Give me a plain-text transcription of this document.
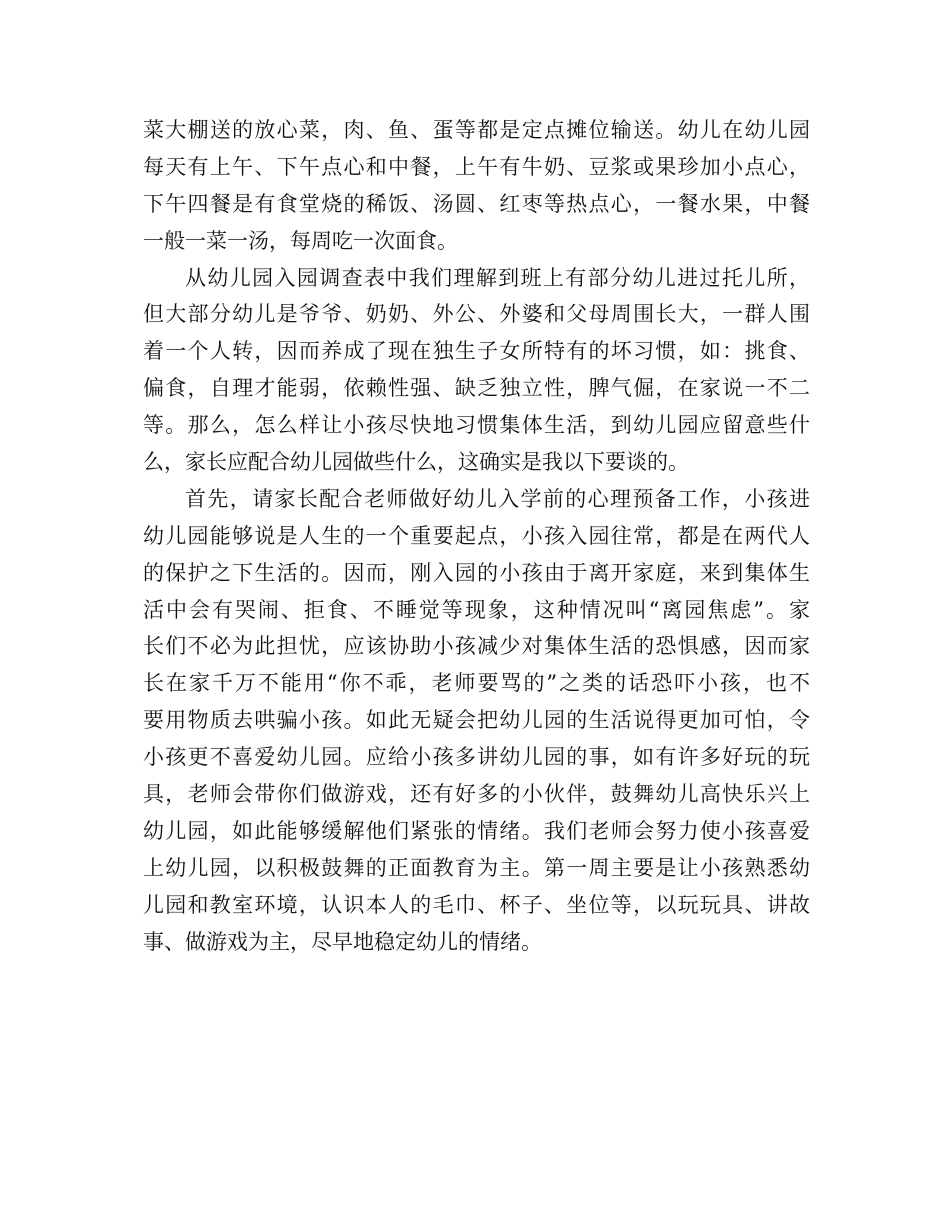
菜大棚送的放心菜，肉、鱼、蛋等都是定点摊位输送。幼儿在幼儿园
每天有上午、下午点心和中餐，上午有牛奶、豆浆或果珍加小点心，
下午四餐是有食堂烧的稀饭、汤圆、红枣等热点心，一餐水果，中餐
一般一菜一汤，每周吃一次面食。
从幼儿园入园调查表中我们理解到班上有部分幼儿进过托儿所，
但大部分幼儿是爷爷、奶奶、外公、外婆和父母周围长大，一群人围
着一个人转，因而养成了现在独生子女所特有的坏习惯，如：挑食、
偏食，自理才能弱，依赖性强、缺乏独立性，脾气倔，在家说一不二
等。那么，怎么样让小孩尽快地习惯集体生活，到幼儿园应留意些什
么，家长应配合幼儿园做些什么，这确实是我以下要谈的。
首先，请家长配合老师做好幼儿入学前的心理预备工作，小孩进
幼儿园能够说是人生的一个重要起点，小孩入园往常，都是在两代人
的保护之下生活的。因而，刚入园的小孩由于离开家庭，来到集体生
活中会有哭闹、拒食、不睡觉等现象，这种情况叫“离园焦虑”。家
长们不必为此担忧，应该协助小孩减少对集体生活的恐惧感，因而家
长在家千万不能用“你不乖，老师要骂的”之类的话恐吓小孩，也不
要用物质去哄骗小孩。如此无疑会把幼儿园的生活说得更加可怕，令
小孩更不喜爱幼儿园。应给小孩多讲幼儿园的事，如有许多好玩的玩
具，老师会带你们做游戏，还有好多的小伙伴，鼓舞幼儿高快乐兴上
幼儿园，如此能够缓解他们紧张的情绪。我们老师会努力使小孩喜爱
上幼儿园，以积极鼓舞的正面教育为主。第一周主要是让小孩熟悉幼
儿园和教室环境，认识本人的毛巾、杯子、坐位等，以玩玩具、讲故
事、做游戏为主，尽早地稳定幼儿的情绪。
